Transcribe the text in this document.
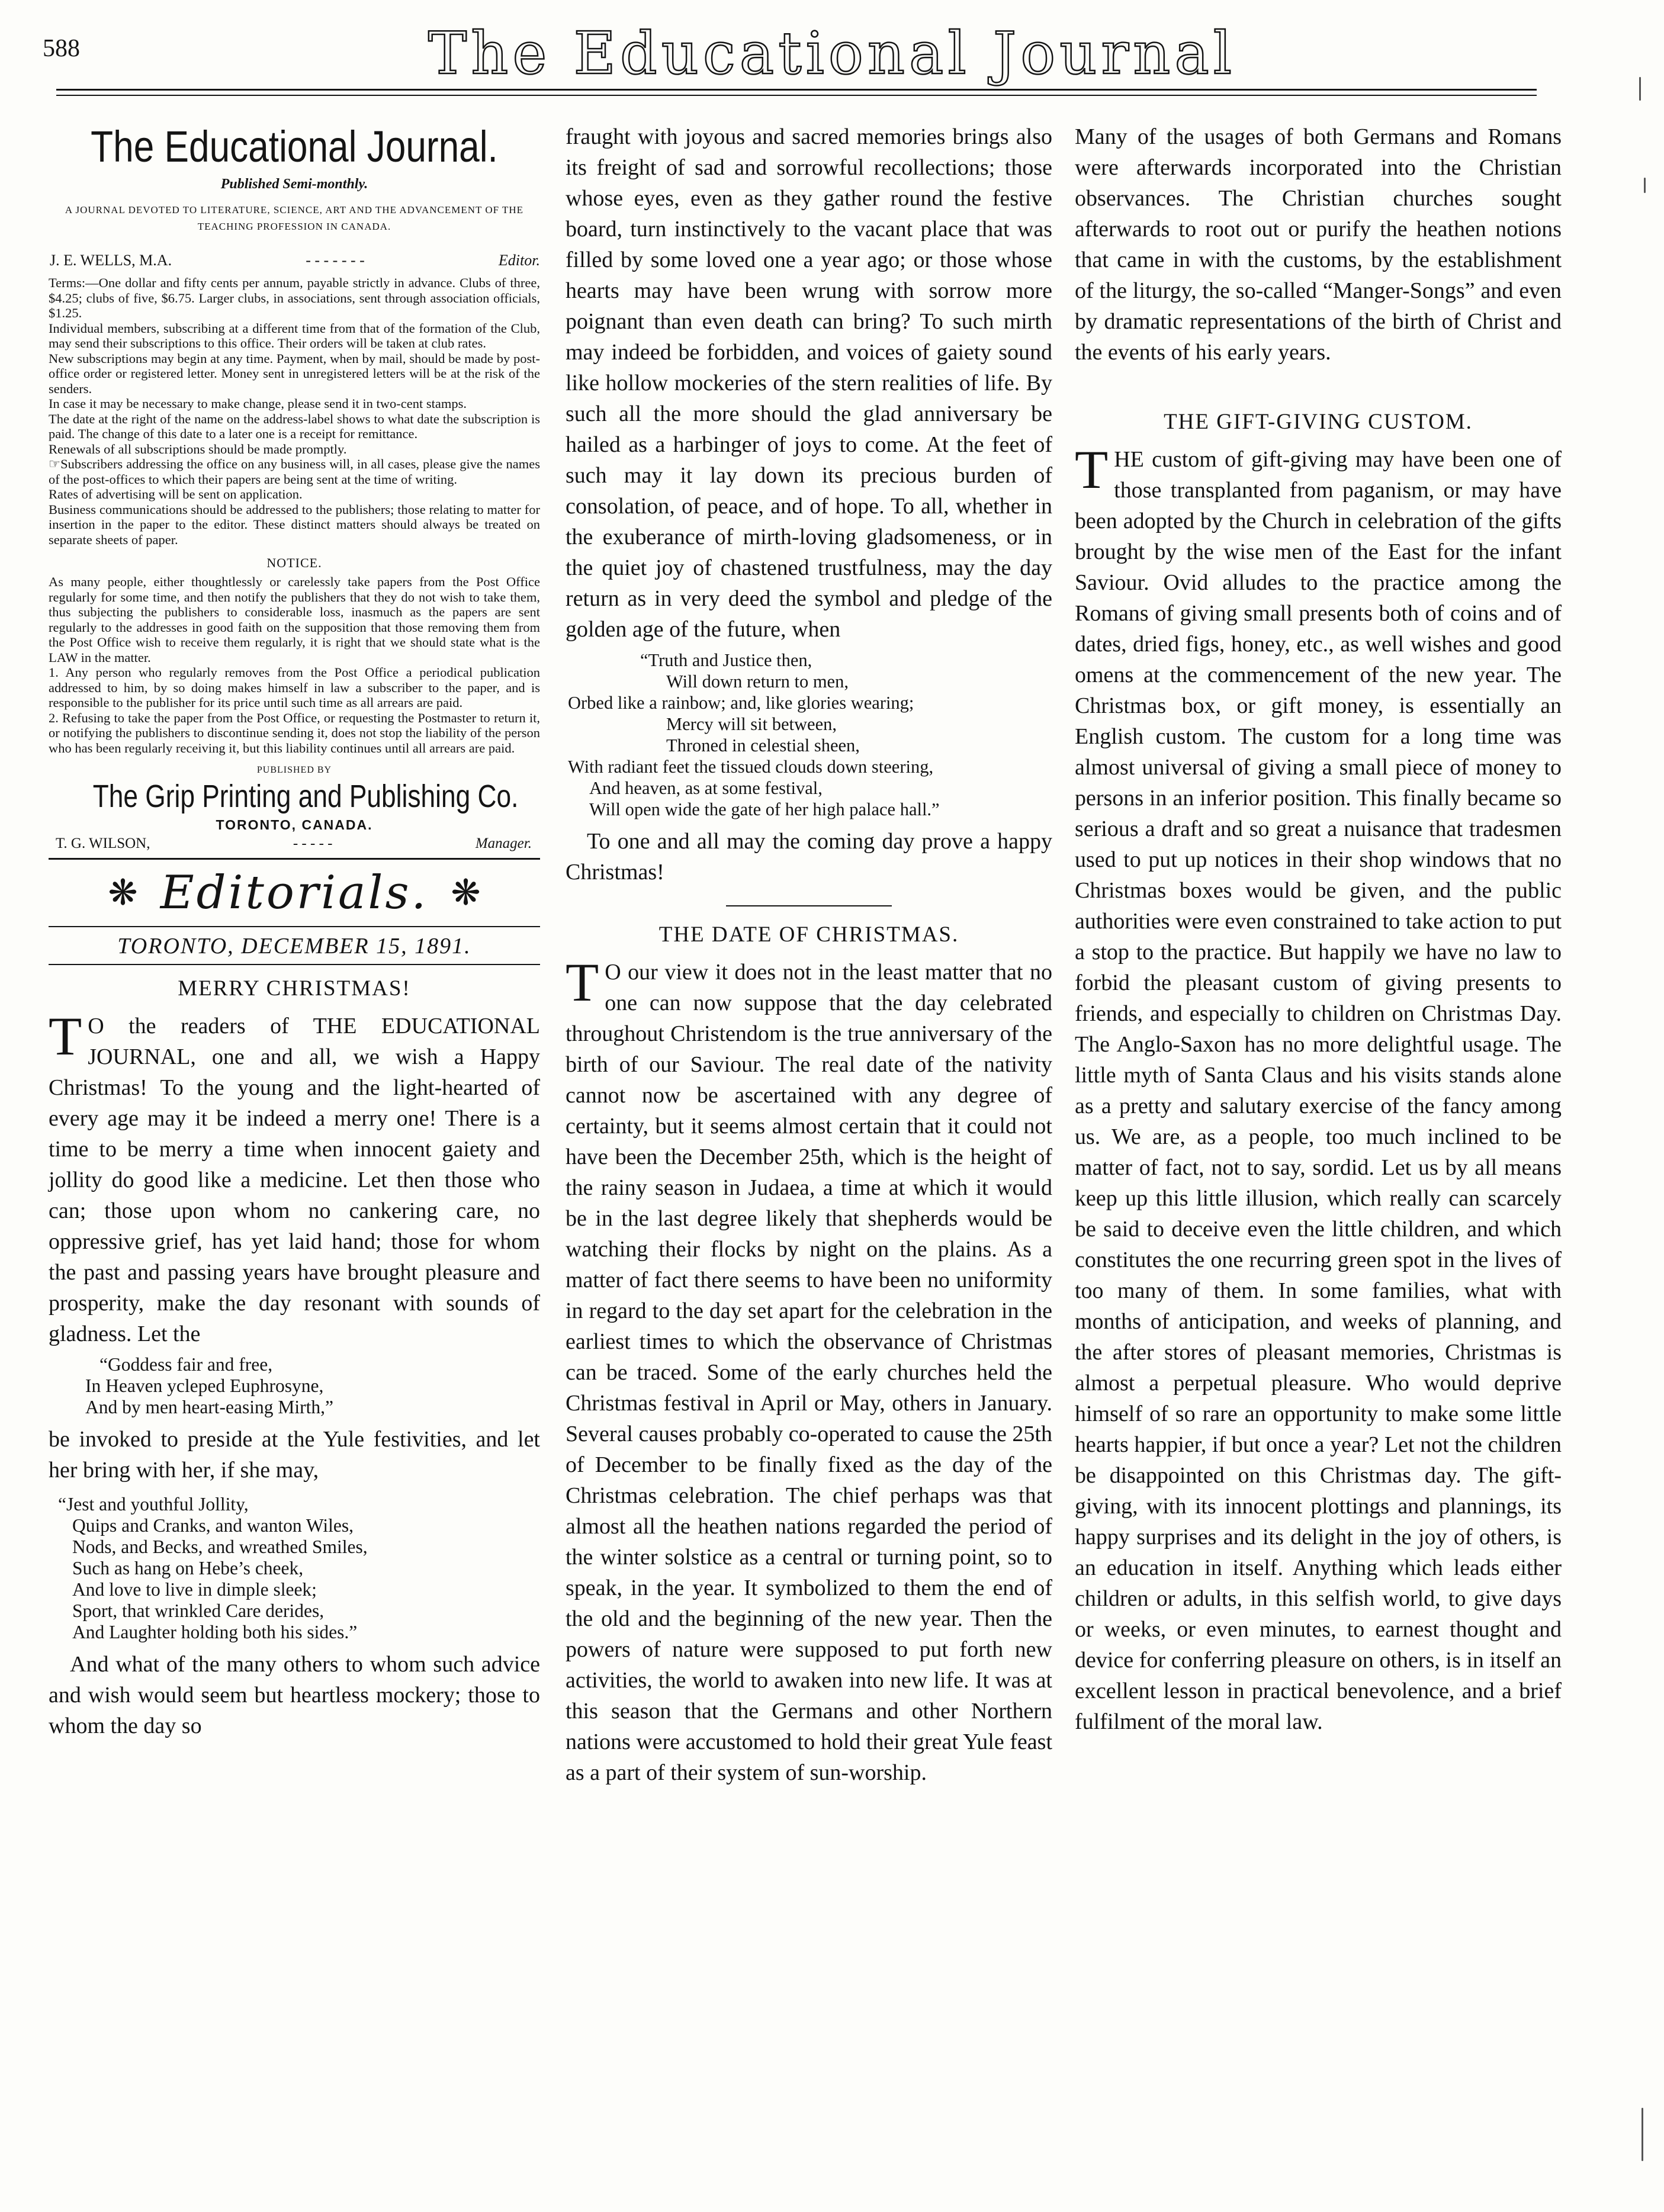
588	The Educational Journal
The Educational Journal.
Published Semi-monthly.
A JOURNAL DEVOTED TO LITERATURE, SCIENCE, ART AND THE ADVANCEMENT OF THE TEACHING PROFESSION IN CANADA.
J. E. WELLS, M.A.	- - - - - - -	Editor.

Terms:—One dollar and fifty cents per annum, payable strictly in advance. Clubs of three, $4.25; clubs of five, $6.75. Larger clubs, in associations, sent through association officials, $1.25.

Individual members, subscribing at a different time from that of the formation of the Club, may send their subscriptions to this office. Their orders will be taken at club rates.

New subscriptions may begin at any time. Payment, when by mail, should be made by post-office order or registered letter. Money sent in unregistered letters will be at the risk of the senders.

In case it may be necessary to make change, please send it in two-cent stamps.

The date at the right of the name on the address-label shows to what date the subscription is paid. The change of this date to a later one is a receipt for remittance.

Renewals of all subscriptions should be made promptly.

☞Subscribers addressing the office on any business will, in all cases, please give the names of the post-offices to which their papers are being sent at the time of writing.

Rates of advertising will be sent on application.

Business communications should be addressed to the publishers; those relating to matter for insertion in the paper to the editor. These distinct matters should always be treated on separate sheets of paper.

NOTICE.

As many people, either thoughtlessly or carelessly take papers from the Post Office regularly for some time, and then notify the publishers that they do not wish to take them, thus subjecting the publishers to considerable loss, inasmuch as the papers are sent regularly to the addresses in good faith on the supposition that those removing them from the Post Office wish to receive them regularly, it is right that we should state what is the LAW in the matter.

1. Any person who regularly removes from the Post Office a periodical publication addressed to him, by so doing makes himself in law a subscriber to the paper, and is responsible to the publisher for its price until such time as all arrears are paid.

2. Refusing to take the paper from the Post Office, or requesting the Postmaster to return it, or notifying the publishers to discontinue sending it, does not stop the liability of the person who has been regularly receiving it, but this liability continues until all arrears are paid.

PUBLISHED BY
The Grip Printing and Publishing Co.
TORONTO, CANADA.
T. G. WILSON,	- - - - -	Manager.
❋ Editorials. ❋
TORONTO, DECEMBER 15, 1891.
MERRY CHRISTMAS!

T O the readers of THE EDUCATIONAL JOURNAL, one and all, we wish a Happy Christmas! To the young and the light-hearted of every age may it be indeed a merry one! There is a time to be merry a time when innocent gaiety and jollity do good like a medicine. Let then those who can; those upon whom no cankering care, no oppressive grief, has yet laid hand; those for whom the past and passing years have brought pleasure and prosperity, make the day resonant with sounds of gladness. Let the

“Goddess fair and free,
In Heaven ycleped Euphrosyne,
And by men heart-easing Mirth,”

be invoked to preside at the Yule festivities, and let her bring with her, if she may,

“Jest and youthful Jollity,
Quips and Cranks, and wanton Wiles,
Nods, and Becks, and wreathed Smiles,
Such as hang on Hebe’s cheek,
And love to live in dimple sleek;
Sport, that wrinkled Care derides,
And Laughter holding both his sides.”

And what of the many others to whom such advice and wish would seem but heartless mockery; those to whom the day so

fraught with joyous and sacred memories brings also its freight of sad and sorrowful recollections; those whose eyes, even as they gather round the festive board, turn instinctively to the vacant place that was filled by some loved one a year ago; or those whose hearts may have been wrung with sorrow more poignant than even death can bring? To such mirth may indeed be forbidden, and voices of gaiety sound like hollow mockeries of the stern realities of life. By such all the more should the glad anniversary be hailed as a harbinger of joys to come. At the feet of such may it lay down its precious burden of consolation, of peace, and of hope. To all, whether in the exuberance of mirth-loving gladsomeness, or in the quiet joy of chastened trustfulness, may the day return as in very deed the symbol and pledge of the golden age of the future, when

“Truth and Justice then,
Will down return to men,
Orbed like a rainbow; and, like glories wearing;
Mercy will sit between,
Throned in celestial sheen,
With radiant feet the tissued clouds down steering,
And heaven, as at some festival,
Will open wide the gate of her high palace hall.”

To one and all may the coming day prove a happy Christmas!

THE DATE OF CHRISTMAS.

T O our view it does not in the least matter that no one can now suppose that the day celebrated throughout Christendom is the true anniversary of the birth of our Saviour. The real date of the nativity cannot now be ascertained with any degree of certainty, but it seems almost certain that it could not have been the December 25th, which is the height of the rainy season in Judaea, a time at which it would be in the last degree likely that shepherds would be watching their flocks by night on the plains. As a matter of fact there seems to have been no uniformity in regard to the day set apart for the celebration in the earliest times to which the observance of Christmas can be traced. Some of the early churches held the Christmas festival in April or May, others in January. Several causes probably co-operated to cause the 25th of December to be finally fixed as the day of the Christmas celebration. The chief perhaps was that almost all the heathen nations regarded the period of the winter solstice as a central or turning point, so to speak, in the year. It symbolized to them the end of the old and the beginning of the new year. Then the powers of nature were supposed to put forth new activities, the world to awaken into new life. It was at this season that the Germans and other Northern nations were accustomed to hold their great Yule feast as a part of their system of sun-worship.

Many of the usages of both Germans and Romans were afterwards incorporated into the Christian observances. The Christian churches sought afterwards to root out or purify the heathen notions that came in with the customs, by the establishment of the liturgy, the so-called “Manger-Songs” and even by dramatic representations of the birth of Christ and the events of his early years.

THE GIFT-GIVING CUSTOM.

THE custom of gift-giving may have been one of those transplanted from paganism, or may have been adopted by the Church in celebration of the gifts brought by the wise men of the East for the infant Saviour. Ovid alludes to the practice among the Romans of giving small presents both of coins and of dates, dried figs, honey, etc., as well wishes and good omens at the commencement of the new year. The Christmas box, or gift money, is essentially an English custom. The custom for a long time was almost universal of giving a small piece of money to persons in an inferior position. This finally became so serious a draft and so great a nuisance that tradesmen used to put up notices in their shop windows that no Christmas boxes would be given, and the public authorities were even constrained to take action to put a stop to the practice. But happily we have no law to forbid the pleasant custom of giving presents to friends, and especially to children on Christmas Day. The Anglo-Saxon has no more delightful usage. The little myth of Santa Claus and his visits stands alone as a pretty and salutary exercise of the fancy among us. We are, as a people, too much inclined to be matter of fact, not to say, sordid. Let us by all means keep up this little illusion, which really can scarcely be said to deceive even the little children, and which constitutes the one recurring green spot in the lives of too many of them. In some families, what with months of anticipation, and weeks of planning, and the after stores of pleasant memories, Christmas is almost a perpetual pleasure. Who would deprive himself of so rare an opportunity to make some little hearts happier, if but once a year? Let not the children be disappointed on this Christmas day. The gift-giving, with its innocent plottings and plannings, its happy surprises and its delight in the joy of others, is an education in itself. Anything which leads either children or adults, in this selfish world, to give days or weeks, or even minutes, to earnest thought and device for conferring pleasure on others, is in itself an excellent lesson in practical benevolence, and a brief fulfilment of the moral law.
